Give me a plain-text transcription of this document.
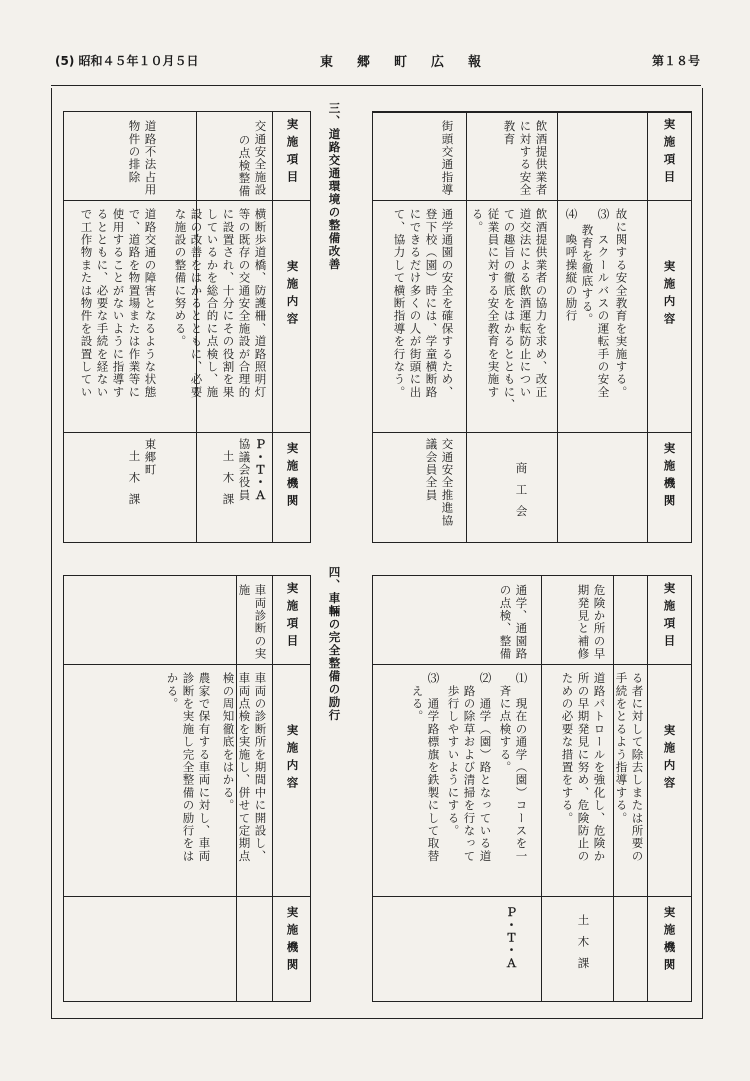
(5) 昭和４５年１０月５日	東郷町広報	第１８号
三、道路交通環境の整備改善
四、車輛の完全整備の励行
実施項目
実施内容
実施機関
故に関する安全教育を実施する。
⑶　スクールバスの運転手の安全
教育を徹底する。
⑷　喚呼操縦の励行
飲酒提供業者
に対する安全
教育
飲酒提供業者の協力を求め、改正
道交法による飲酒運転防止につい
ての趣旨の徹底をはかるとともに、
従業員に対する安全教育を実施す
る。
商工会
街頭交通指導
通学通園の安全を確保するため、
登下校（園）時には、学童横断路
にできるだけ多くの人が街頭に出
て、協力して横断指導を行なう。
交通安全推進協
議会員全員
実施項目
実施内容
実施機関
交通安全施設
の点検整備
横断歩道橋、防護柵、道路照明灯
等の既存の交通安全施設が合理的
に設置され、十分にその役割を果
しているかを総合的に点検し、施
設の改善をはかるとともに、必要
な施設の整備に努める。
Ｐ・Ｔ・Ａ
協議会役員
土木課
道路不法占用
物件の排除
道路交通の障害となるような状態
で、道路を物置場または作業等に
使用することがないように指導す
るとともに、必要な手続を経ない
で工作物または物件を設置してい
東郷町
土木課
実施項目
実施内容
実施機関
る者に対して除去しまたは所要の
手続をとるよう指導する。
危険か所の早
期発見と補修
道路パトロールを強化し、危険か
所の早期発見に努め、危険防止の
ための必要な措置をする。
土木課
通学、通園路
の点検、整備
⑴　現在の通学（園）コースを一
　斉に点検する。
⑵　通学（園）路となっている道
　路の除草および清掃を行なって
　歩行しやすいようにする。
⑶　通学路標旗を鉄製にして取替
　える。
Ｐ・Ｔ・Ａ
実施項目
実施内容
実施機関
車両診断の実
施
車両の診断所を期間中に開設し、
車両点検を実施し、併せて定期点
検の周知徹底をはかる。
農家で保有する車両に対し、車両
診断を実施し完全整備の励行をは
かる。
